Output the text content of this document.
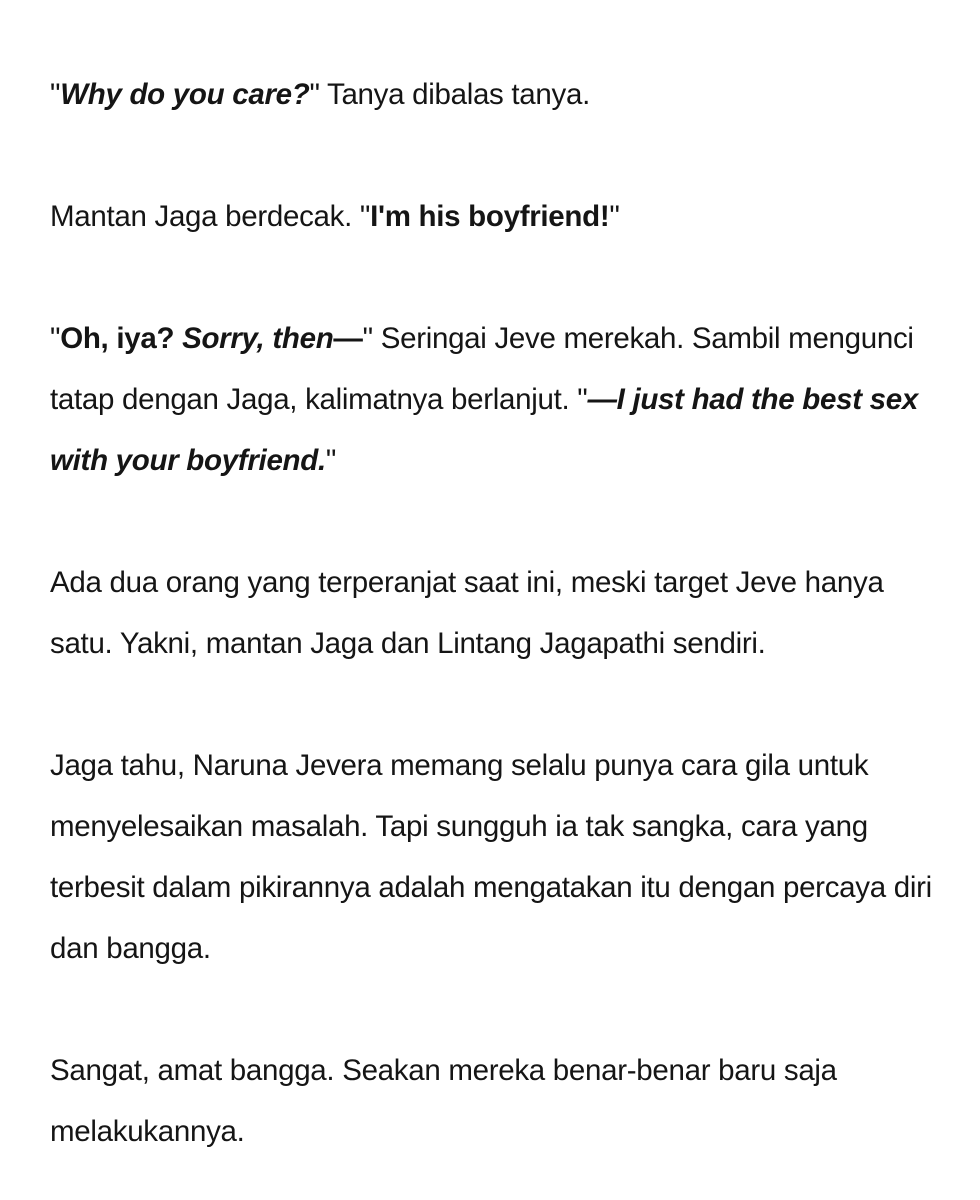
"Why do you care?" Tanya dibalas tanya.

Mantan Jaga berdecak. "I'm his boyfriend!"

"Oh, iya? Sorry, then—" Seringai Jeve merekah. Sambil mengunci tatap dengan Jaga, kalimatnya berlanjut. "—I just had the best sex with your boyfriend."

Ada dua orang yang terperanjat saat ini, meski target Jeve hanya satu. Yakni, mantan Jaga dan Lintang Jagapathi sendiri.

Jaga tahu, Naruna Jevera memang selalu punya cara gila untuk menyelesaikan masalah. Tapi sungguh ia tak sangka, cara yang terbesit dalam pikirannya adalah mengatakan itu dengan percaya diri dan bangga.

Sangat, amat bangga. Seakan mereka benar-benar baru saja melakukannya.
